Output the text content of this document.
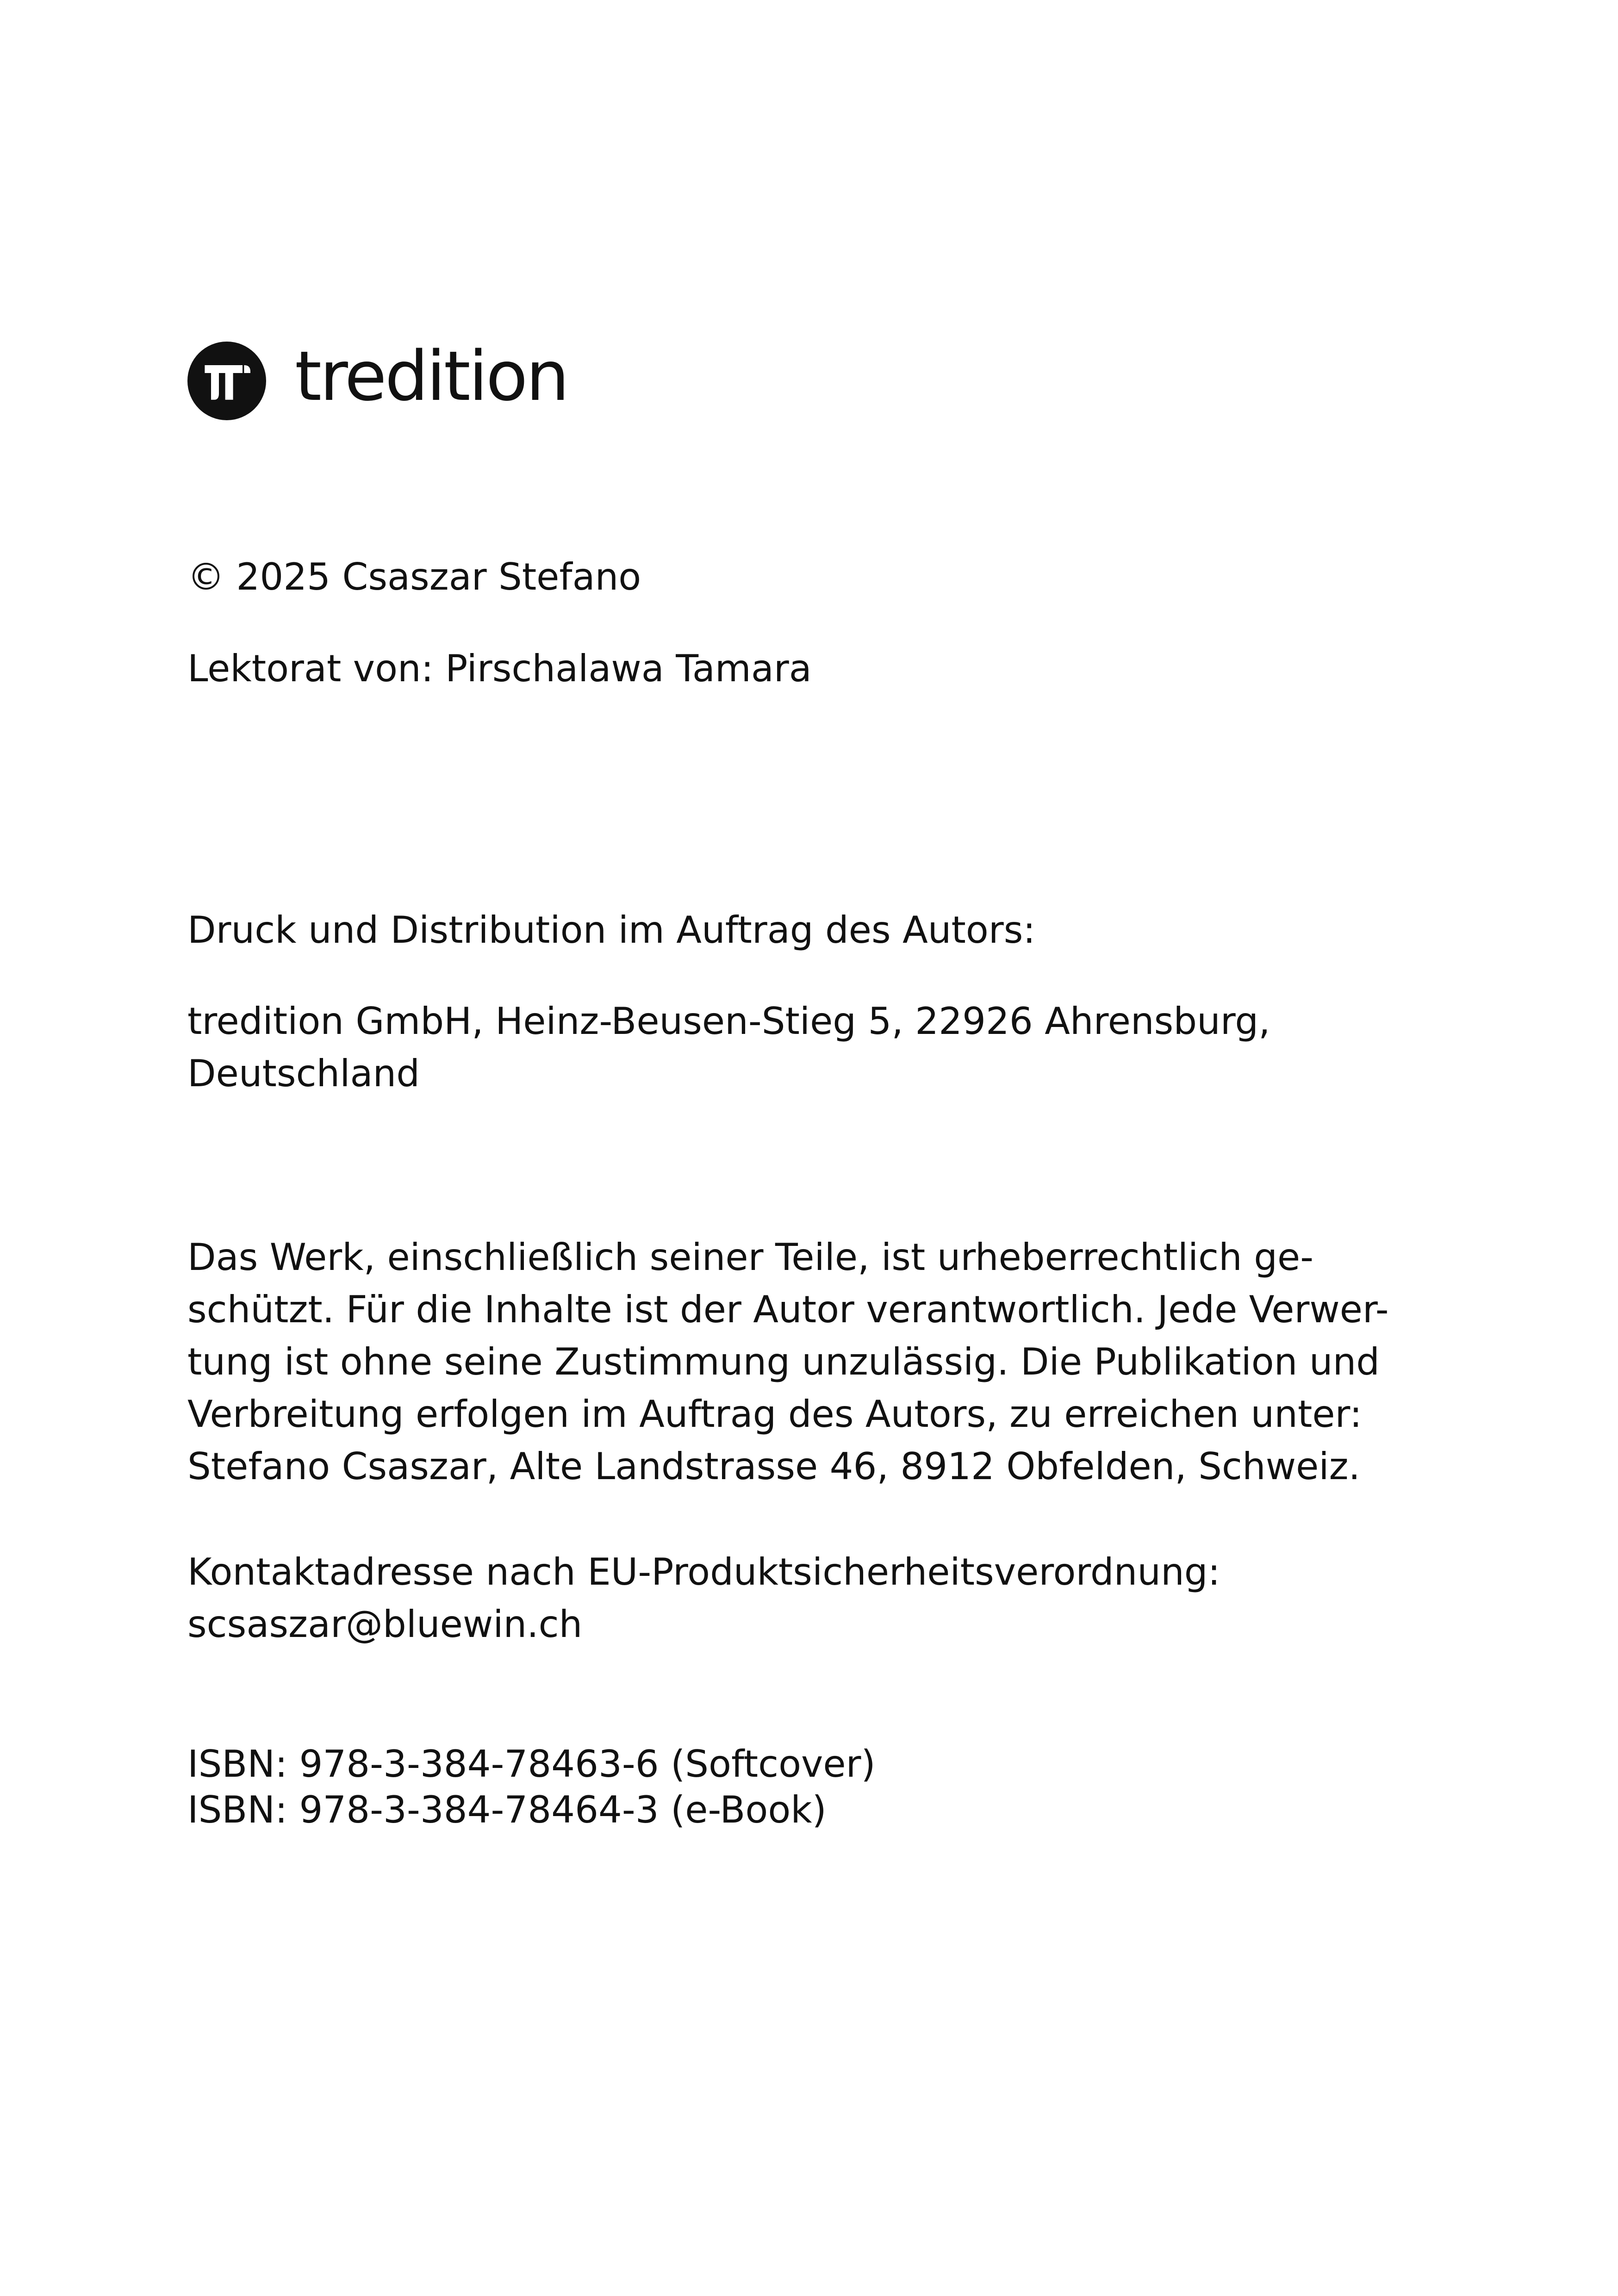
tredition

© 2025 Csaszar Stefano

Lektorat von: Pirschalawa Tamara

Druck und Distribution im Auftrag des Autors:

tredition GmbH, Heinz-Beusen-Stieg 5, 22926 Ahrensburg,

Deutschland

Das Werk, einschließlich seiner Teile, ist urheberrechtlich ge-

schützt. Für die Inhalte ist der Autor verantwortlich. Jede Verwer-

tung ist ohne seine Zustimmung unzulässig. Die Publikation und

Verbreitung erfolgen im Auftrag des Autors, zu erreichen unter:

Stefano Csaszar, Alte Landstrasse 46, 8912 Obfelden, Schweiz.

Kontaktadresse nach EU-Produktsicherheitsverordnung:

scsaszar@bluewin.ch

ISBN: 978-3-384-78463-6 (Softcover)

ISBN: 978-3-384-78464-3 (e-Book)
